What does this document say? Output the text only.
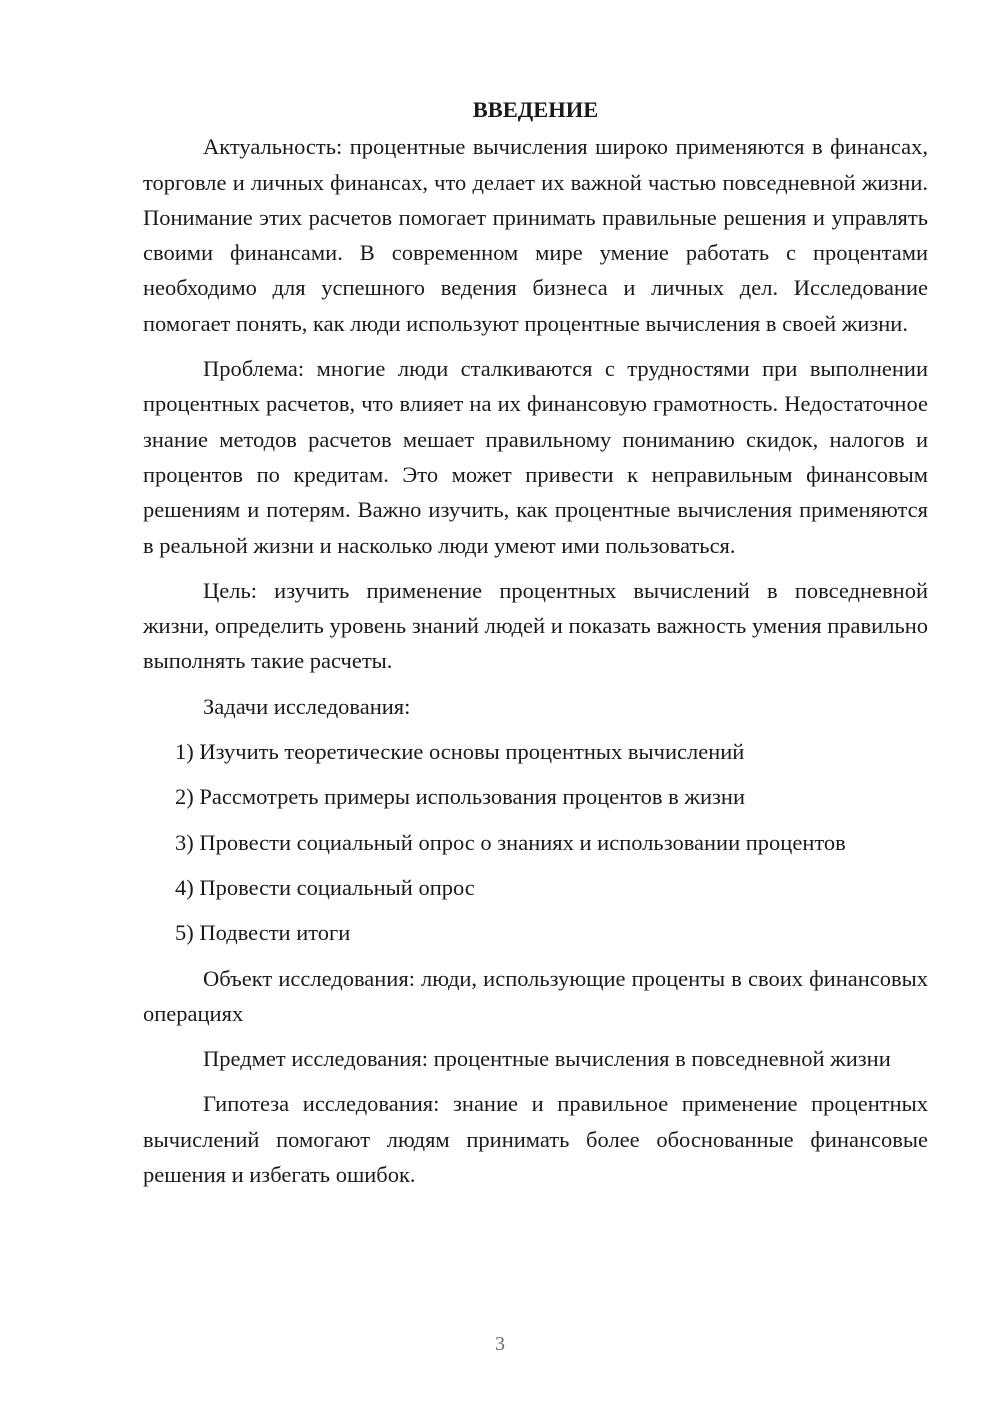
ВВЕДЕНИЕ

Актуальность: процентные вычисления широко применяются в финансах, торговле и личных финансах, что делает их важной частью повседневной жизни. Понимание этих расчетов помогает принимать правильные решения и управлять своими финансами. В современном мире умение работать с процентами необходимо для успешного ведения бизнеса и личных дел. Исследование помогает понять, как люди используют процентные вычисления в своей жизни.

Проблема: многие люди сталкиваются с трудностями при выполнении процентных расчетов, что влияет на их финансовую грамотность. Недостаточное знание методов расчетов мешает правильному пониманию скидок, налогов и процентов по кредитам. Это может привести к неправильным финансовым решениям и потерям. Важно изучить, как процентные вычисления применяются в реальной жизни и насколько люди умеют ими пользоваться.

Цель: изучить применение процентных вычислений в повседневной жизни, определить уровень знаний людей и показать важность умения правильно выполнять такие расчеты.

Задачи исследования:

1) Изучить теоретические основы процентных вычислений

2) Рассмотреть примеры использования процентов в жизни

3) Провести социальный опрос о знаниях и использовании процентов

4) Провести социальный опрос

5) Подвести итоги

Объект исследования: люди, использующие проценты в своих финансовых операциях

Предмет исследования: процентные вычисления в повседневной жизни

Гипотеза исследования: знание и правильное применение процентных вычислений помогают людям принимать более обоснованные финансовые решения и избегать ошибок.

3
